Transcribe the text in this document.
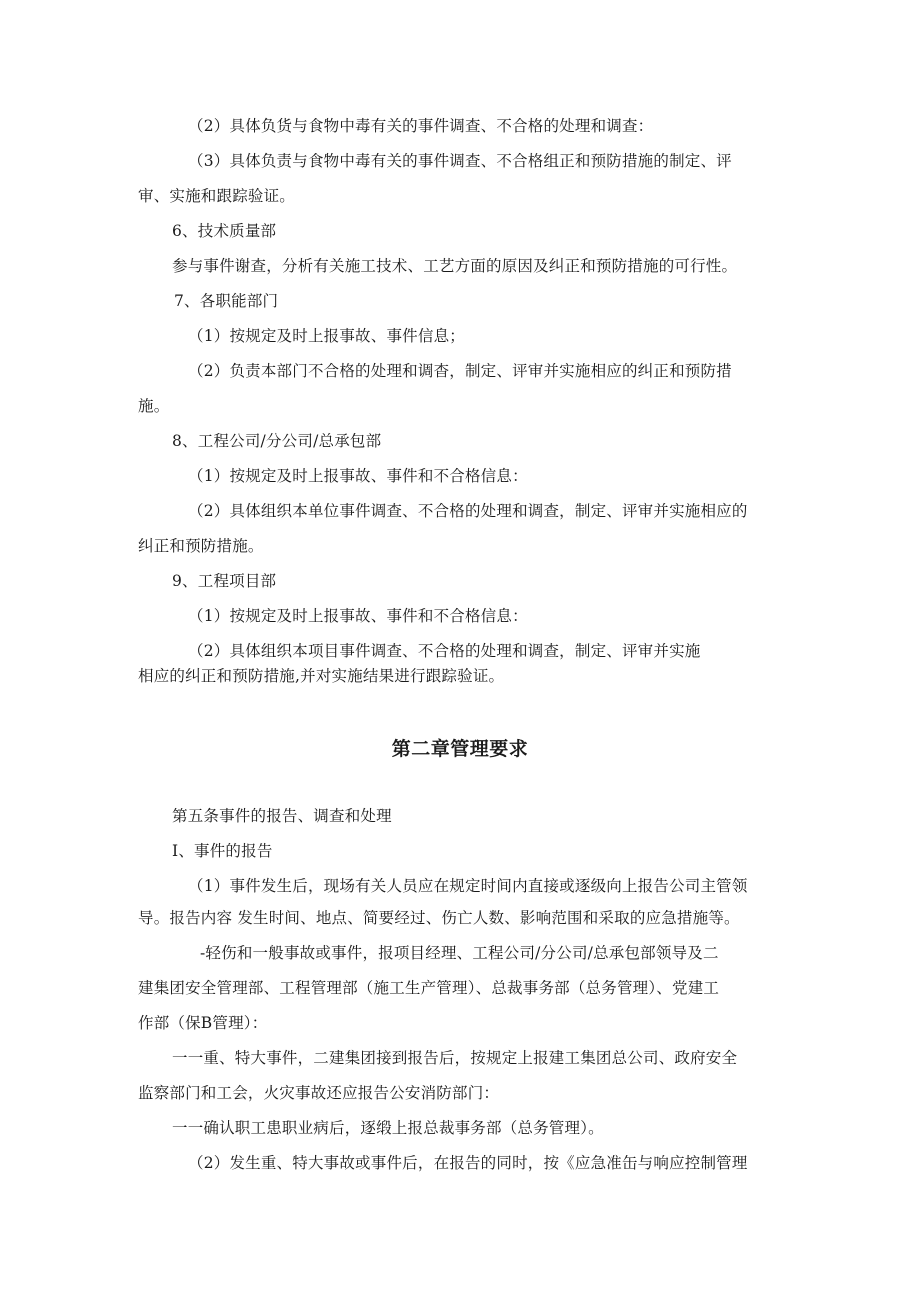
（2）具体负货与食物中毒有关的事件调查、不合格的处理和调查：
（3）具体负责与食物中毒有关的事件调查、不合格组正和预防措施的制定、评
审、实施和跟踪验证。
6、技术质量部
参与事件谢查，分析有关施工技术、工艺方面的原因及纠正和预防措施的可行性。
7、各职能部门
（1）按规定及时上报事故、事件信息；
（2）负责本部门不合格的处理和调杳，制定、评审并实施相应的纠正和预防措
施。
8、工程公司/分公司/总承包部
（1）按规定及时上报事故、事件和不合格信息：
（2）具体组织本单位事件调查、不合格的处理和调查，制定、评审并实施相应的
纠正和预防措施。
9、工程项目部
（1）按规定及时上报事故、事件和不合格信息：
（2）具体组织本项目事件调查、不合格的处理和调查，制定、评审并实施
相应的纠正和预防措施,并对实施结果进行跟踪验证。
第二章管理要求
第五条事件的报告、调查和处理
I、事件的报告
（1）事件发生后，现场有关人员应在规定时间内直接或逐级向上报告公司主管领
导。报告内容 发生时间、地点、简要经过、伤亡人数、影响范围和采取的应急措施等。
-轻伤和一般事故或事件，报项目经理、工程公司/分公司/总承包部领导及二
建集团安全管理部、工程管理部（施工生产管理）、总裁事务部（总务管理）、党建工
作部（保B管理）：
一一重、特大事件，二建集团接到报告后，按规定上报建工集团总公司、政府安全
监察部门和工会，火灾事故还应报告公安消防部门：
一一确认职工患职业病后，逐缎上报总裁事务部（总务管理）。
（2）发生重、特大事故或事件后，在报告的同时，按《应急准缶与响应控制管理
